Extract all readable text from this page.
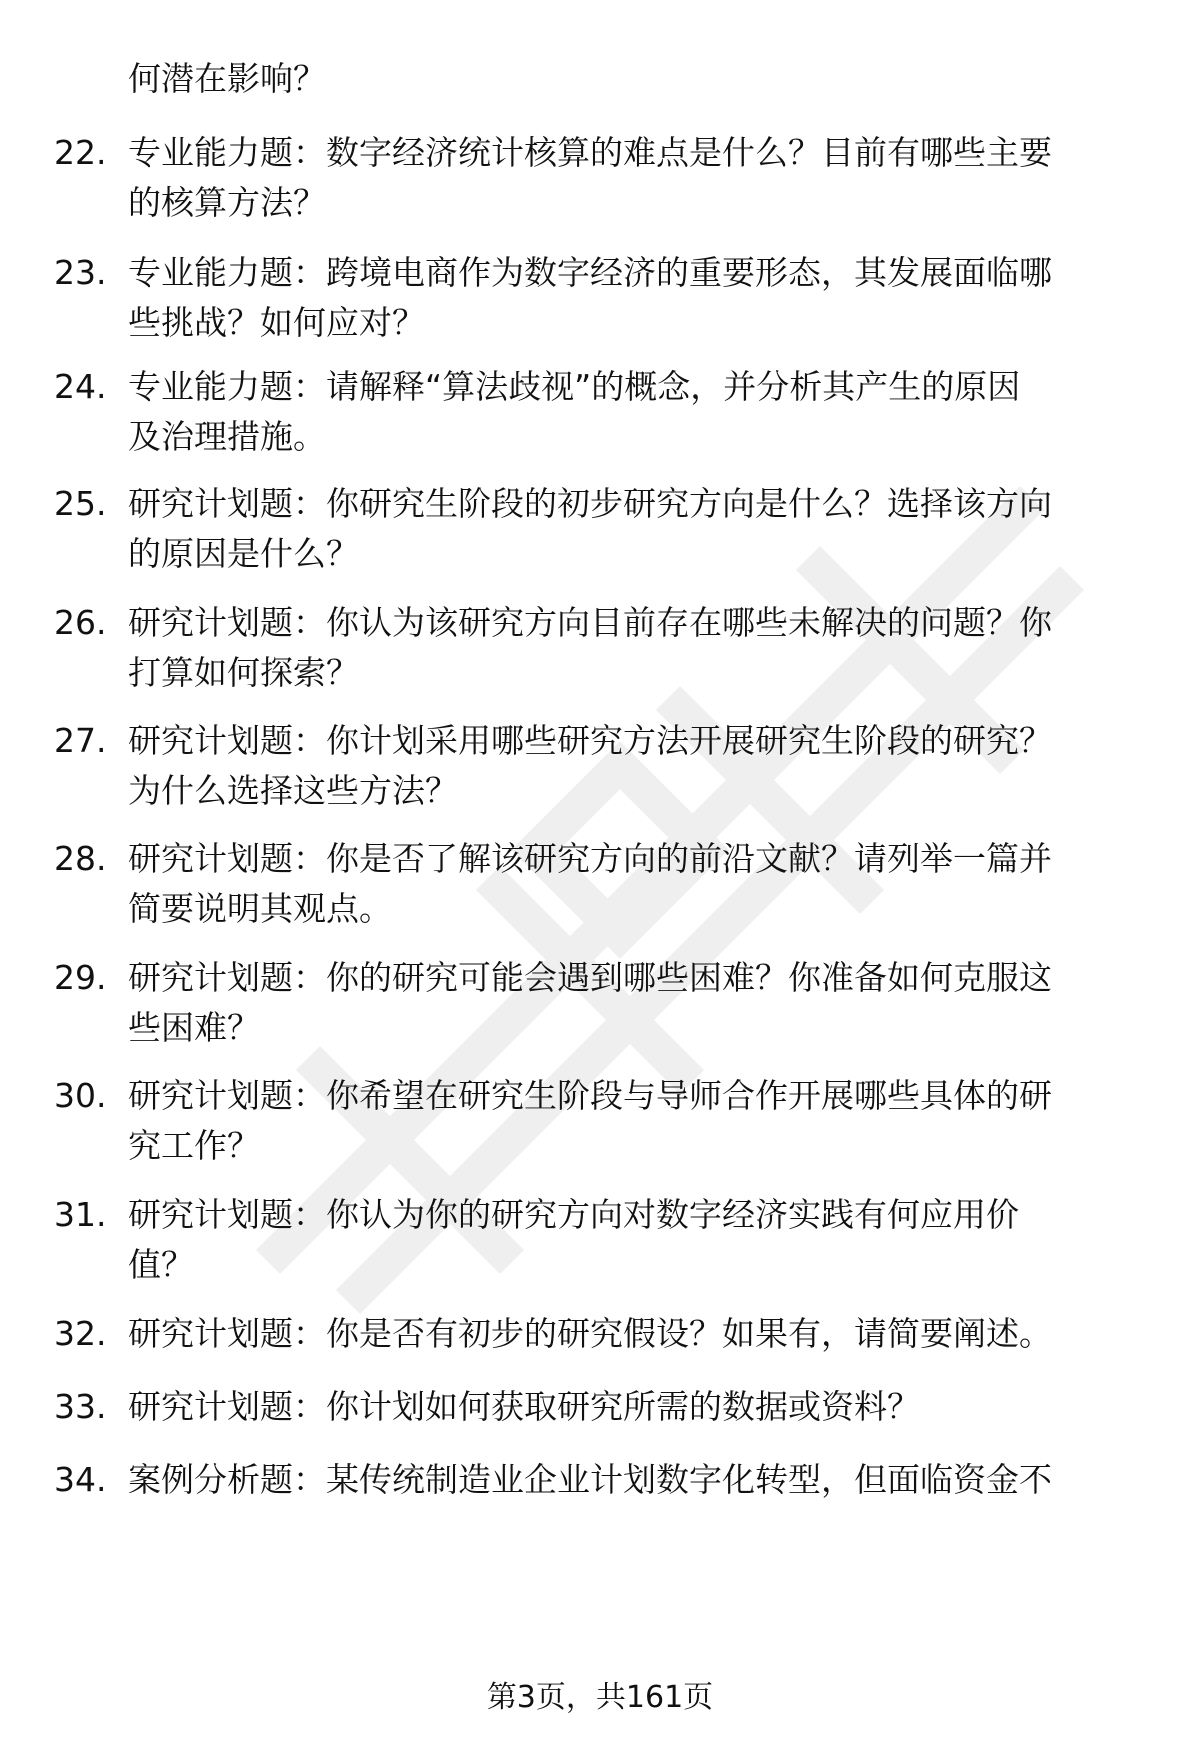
何潜在影响？
22. 专业能力题：数字经济统计核算的难点是什么？目前有哪些主要
的核算方法？
23. 专业能力题：跨境电商作为数字经济的重要形态，其发展面临哪
些挑战？如何应对？
24. 专业能力题：请解释“算法歧视”的概念，并分析其产生的原因
及治理措施。
25. 研究计划题：你研究生阶段的初步研究方向是什么？选择该方向
的原因是什么？
26. 研究计划题：你认为该研究方向目前存在哪些未解决的问题？你
打算如何探索？
27. 研究计划题：你计划采用哪些研究方法开展研究生阶段的研究？
为什么选择这些方法？
28. 研究计划题：你是否了解该研究方向的前沿文献？请列举一篇并
简要说明其观点。
29. 研究计划题：你的研究可能会遇到哪些困难？你准备如何克服这
些困难？
30. 研究计划题：你希望在研究生阶段与导师合作开展哪些具体的研
究工作？
31. 研究计划题：你认为你的研究方向对数字经济实践有何应用价
值？
32. 研究计划题：你是否有初步的研究假设？如果有，请简要阐述。
33. 研究计划题：你计划如何获取研究所需的数据或资料？
34. 案例分析题：某传统制造业企业计划数字化转型，但面临资金不
第3页，共161页
